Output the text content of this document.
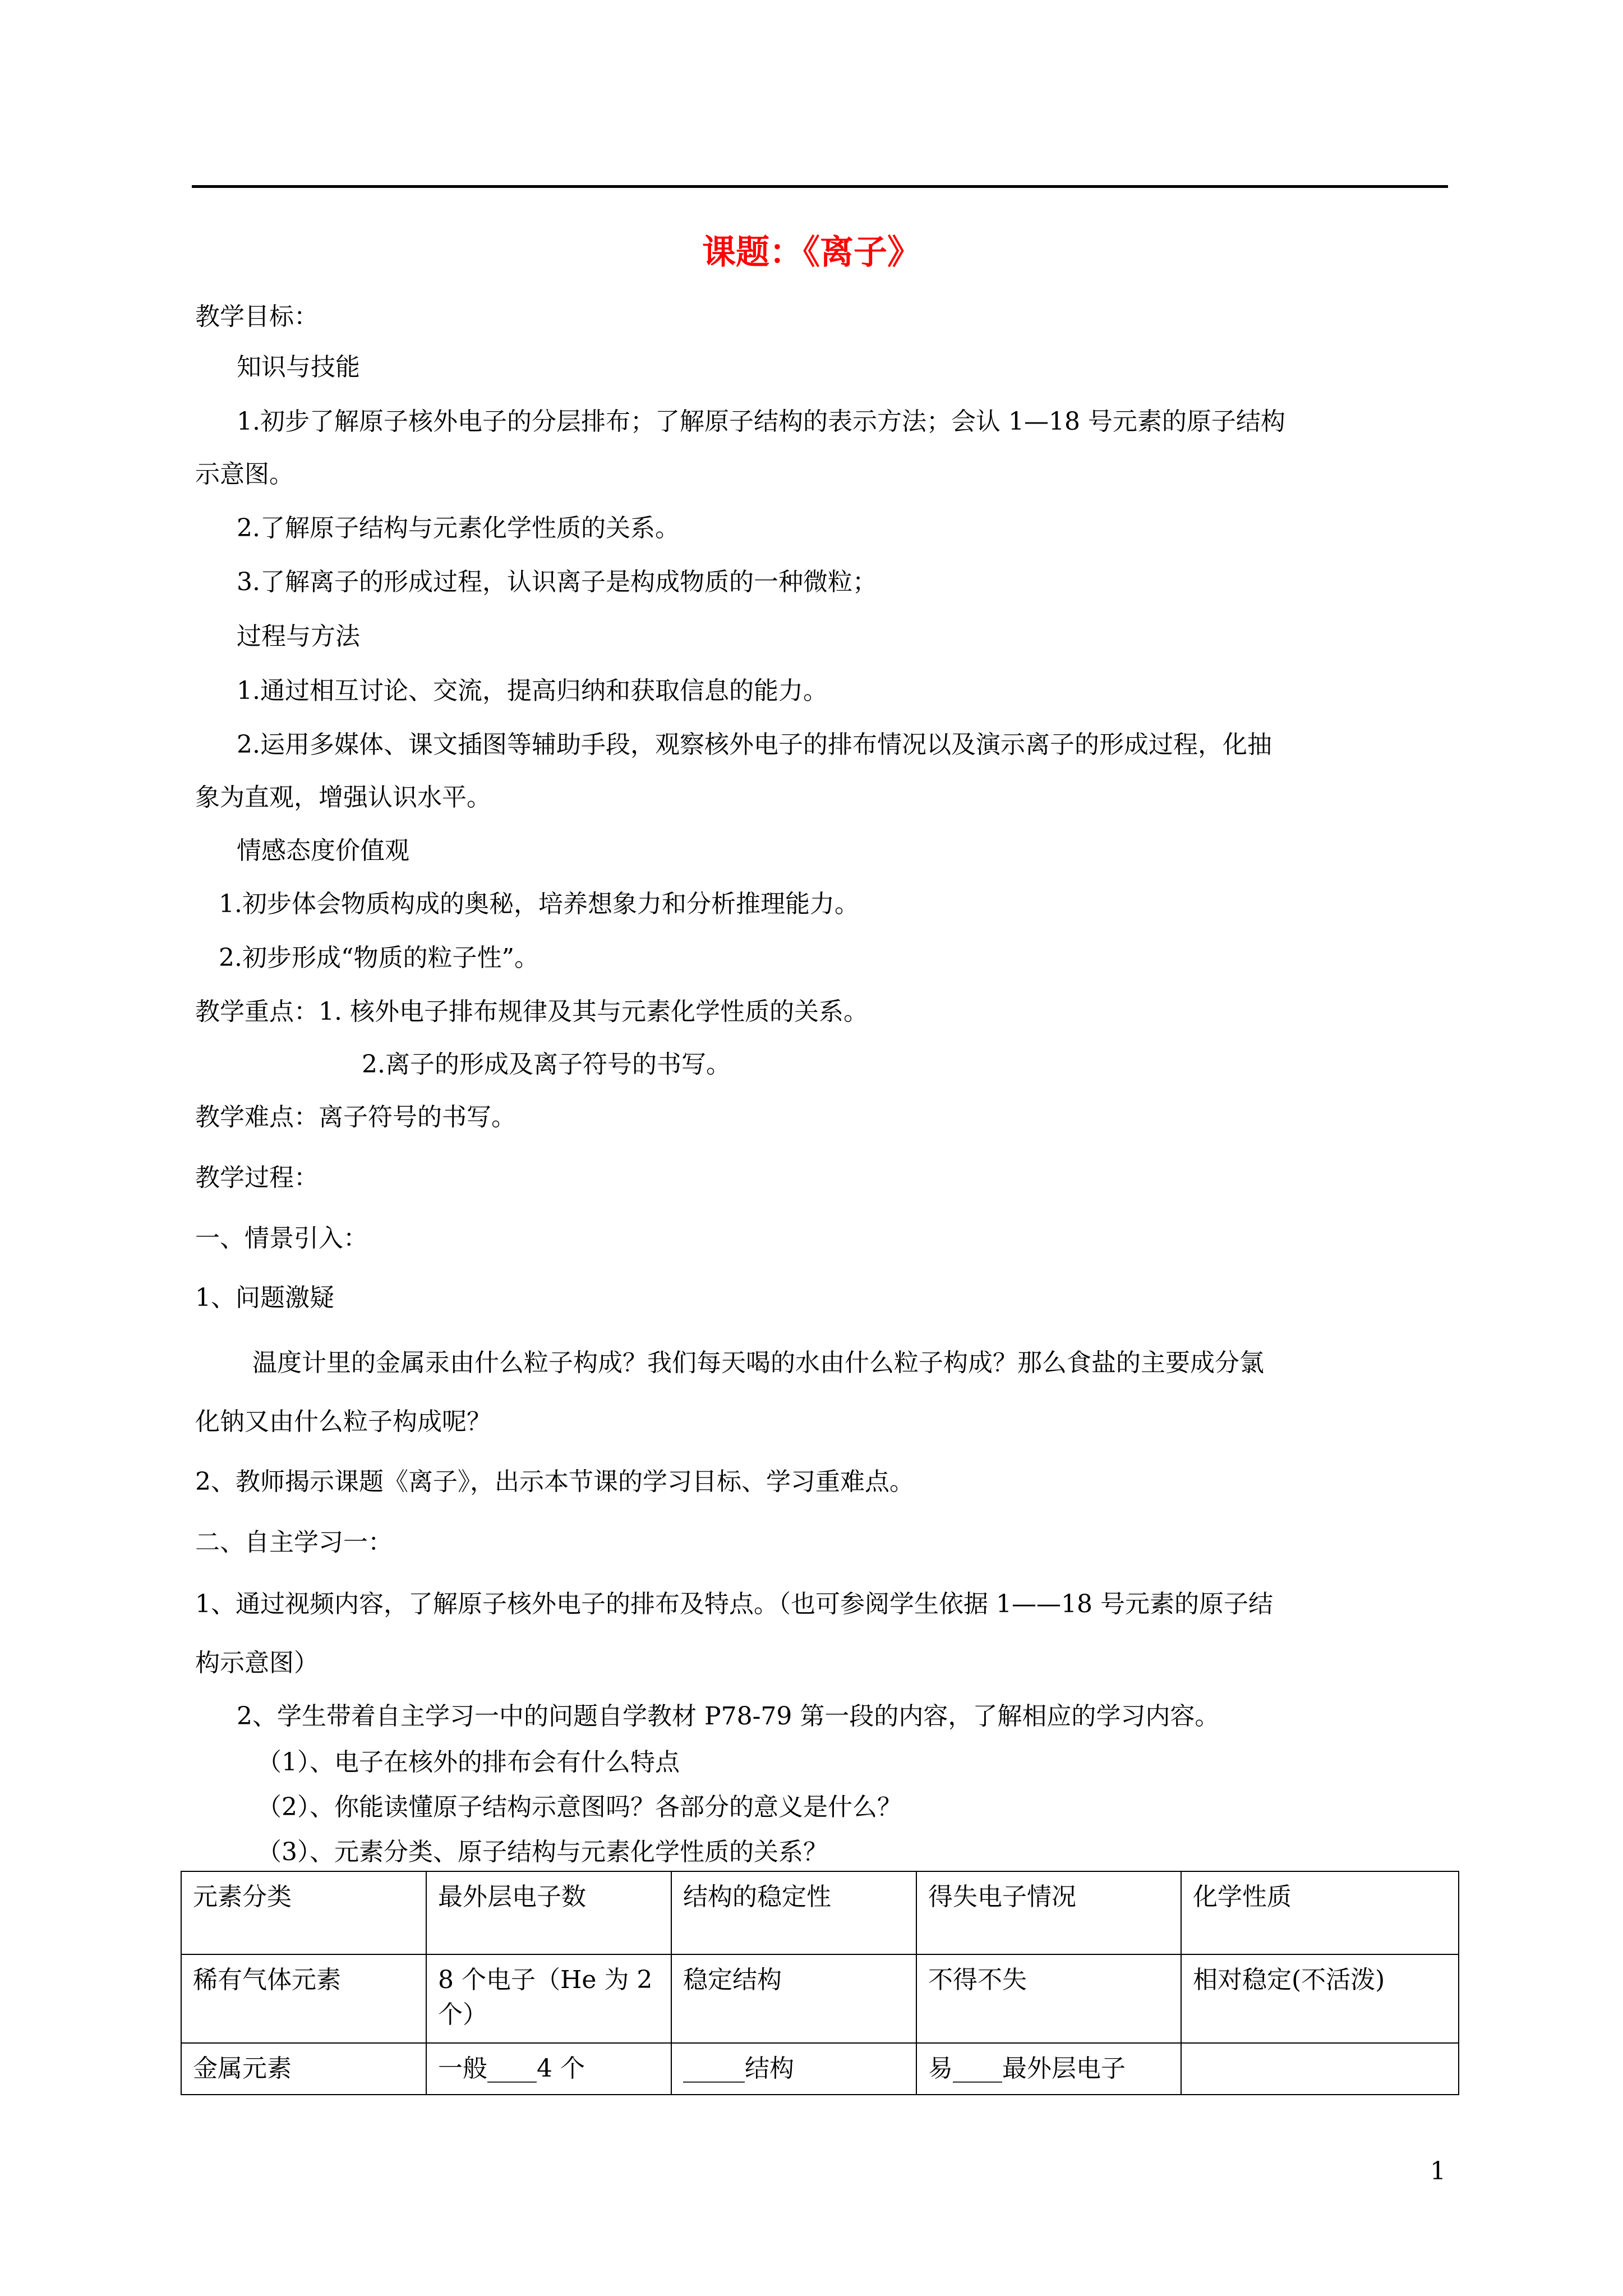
课题：《离子》
教学目标：
知识与技能
1.初步了解原子核外电子的分层排布；了解原子结构的表示方法；会认 1—18 号元素的原子结构
示意图。
2.了解原子结构与元素化学性质的关系。
3.了解离子的形成过程，认识离子是构成物质的一种微粒；
过程与方法
1.通过相互讨论、交流，提高归纳和获取信息的能力。
2.运用多媒体、课文插图等辅助手段，观察核外电子的排布情况以及演示离子的形成过程，化抽
象为直观，增强认识水平。
情感态度价值观
1.初步体会物质构成的奥秘，培养想象力和分析推理能力。
2.初步形成“物质的粒子性”。
教学重点：1. 核外电子排布规律及其与元素化学性质的关系。
2.离子的形成及离子符号的书写。
教学难点：离子符号的书写。
教学过程：
一、情景引入：
1、问题激疑
温度计里的金属汞由什么粒子构成？我们每天喝的水由什么粒子构成？那么食盐的主要成分氯
化钠又由什么粒子构成呢？
2、教师揭示课题《离子》，出示本节课的学习目标、学习重难点。
二、自主学习一：
1、通过视频内容，了解原子核外电子的排布及特点。（也可参阅学生依据 1——18 号元素的原子结
构示意图）
2、学生带着自主学习一中的问题自学教材 P78-79 第一段的内容，了解相应的学习内容。
（1）、电子在核外的排布会有什么特点
（2）、你能读懂原子结构示意图吗？各部分的意义是什么？
（3）、元素分类、原子结构与元素化学性质的关系？
元素分类	最外层电子数	结构的稳定性	得失电子情况	化学性质
稀有气体元素	8 个电子（He 为 2 个）	稳定结构	不得不失	相对稳定(不活泼)
金属元素	一般____4 个	_____结构	易____最外层电子	
1
